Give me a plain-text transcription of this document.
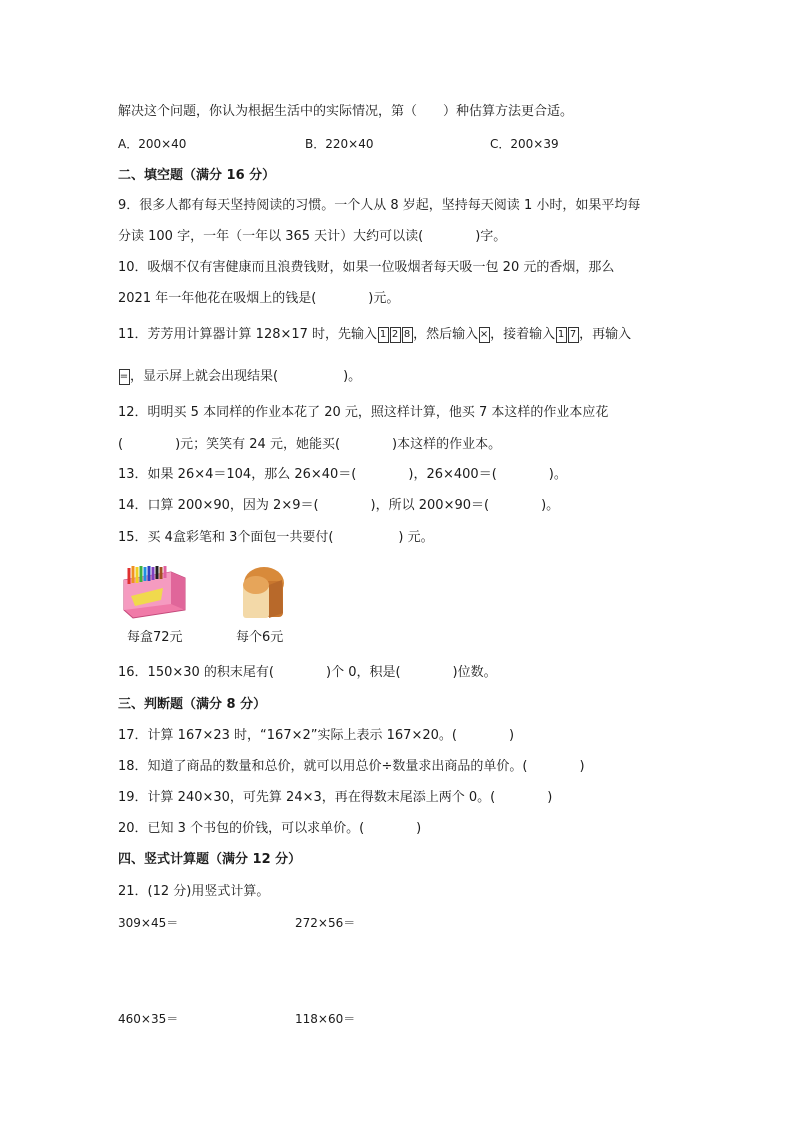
解决这个问题，你认为根据生活中的实际情况，第（　　）种估算方法更合适。
A．200×40	B．220×40	C．200×39
二、填空题（满分 16 分）
9．很多人都有每天坚持阅读的习惯。一个人从 8 岁起，坚持每天阅读 1 小时，如果平均每
分读 100 字，一年（一年以 365 天计）大约可以读(　　　　)字。
10．吸烟不仅有害健康而且浪费钱财，如果一位吸烟者每天吸一包 20 元的香烟，那么
2021 年一年他花在吸烟上的钱是(　　　　)元。
11．芳芳用计算器计算 128×17 时，先输入 1 2 8 ，然后输入 × ，接着输入 1 7 ，再输入
= ，显示屏上就会出现结果(　　　　　)。
12．明明买 5 本同样的作业本花了 20 元，照这样计算，他买 7 本这样的作业本应花
(　　　　)元；笑笑有 24 元，她能买(　　　　)本这样的作业本。
13．如果 26×4＝104，那么 26×40＝(　　　　)，26×400＝(　　　　)。
14．口算 200×90，因为 2×9＝(　　　　)，所以 200×90＝(　　　　)。
15．买 4盒彩笔和 3个面包一共要付(　　　　　) 元。
每盒72元	每个6元
16．150×30 的积末尾有(　　　　)个 0，积是(　　　　)位数。
三、判断题（满分 8 分）
17．计算 167×23 时，“167×2”实际上表示 167×20。(　　　　)
18．知道了商品的数量和总价，就可以用总价÷数量求出商品的单价。(　　　　)
19．计算 240×30，可先算 24×3，再在得数末尾添上两个 0。(　　　　)
20．已知 3 个书包的价钱，可以求单价。(　　　　)
四、竖式计算题（满分 12 分）
21．(12 分)用竖式计算。
309×45＝	272×56＝
460×35＝	118×60＝
